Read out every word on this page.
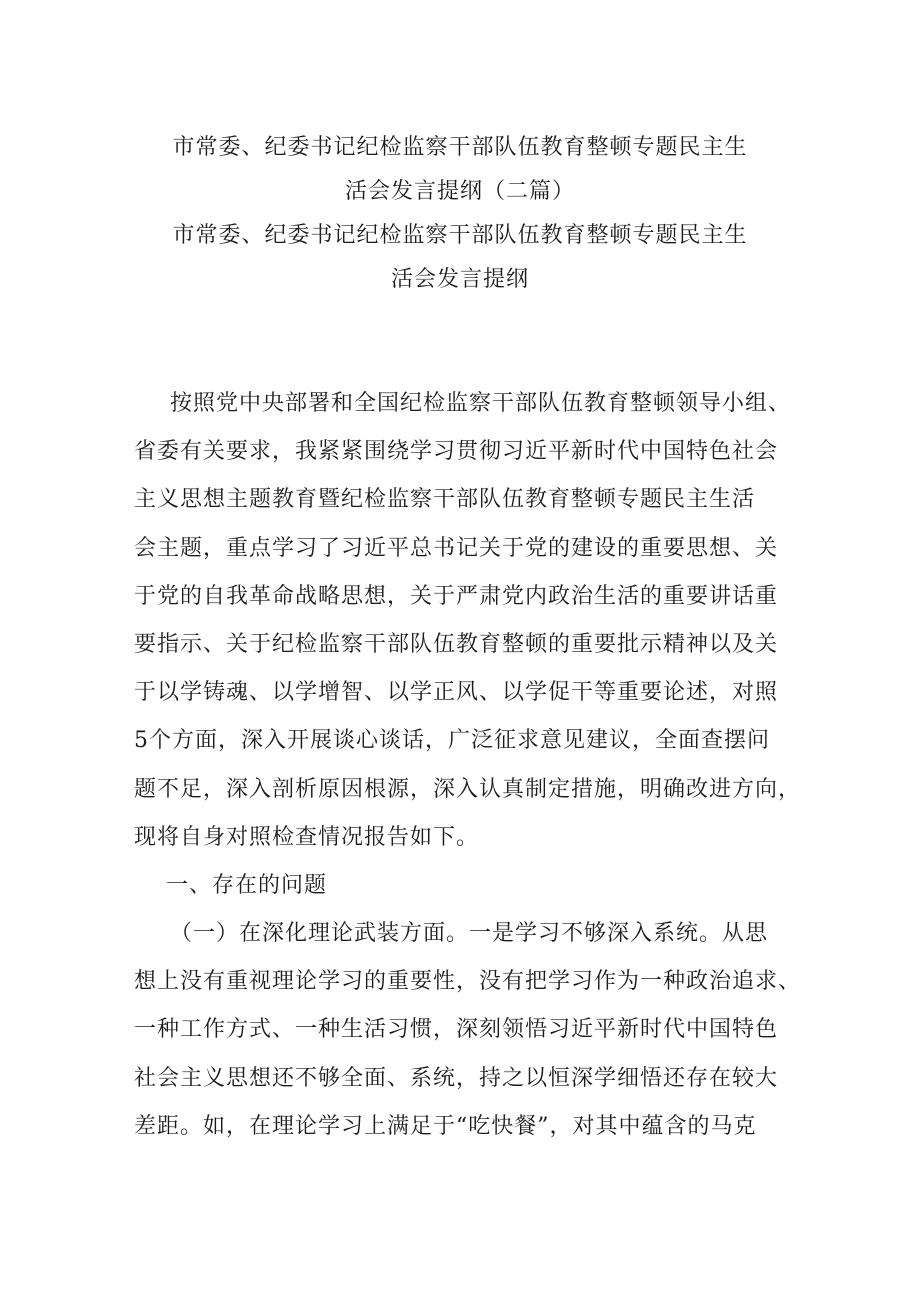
市常委、纪委书记纪检监察干部队伍教育整顿专题民主生
活会发言提纲（二篇）
市常委、纪委书记纪检监察干部队伍教育整顿专题民主生
活会发言提纲
按照党中央部署和全国纪检监察干部队伍教育整顿领导小组、
省委有关要求，我紧紧围绕学习贯彻习近平新时代中国特色社会
主义思想主题教育暨纪检监察干部队伍教育整顿专题民主生活
会主题，重点学习了习近平总书记关于党的建设的重要思想、关
于党的自我革命战略思想，关于严肃党内政治生活的重要讲话重
要指示、关于纪检监察干部队伍教育整顿的重要批示精神以及关
于以学铸魂、以学增智、以学正风、以学促干等重要论述，对照
5个方面，深入开展谈心谈话，广泛征求意见建议，全面查摆问
题不足，深入剖析原因根源，深入认真制定措施，明确改进方向，
现将自身对照检查情况报告如下。
一、存在的问题
（一）在深化理论武装方面。一是学习不够深入系统。从思
想上没有重视理论学习的重要性，没有把学习作为一种政治追求、
一种工作方式、一种生活习惯，深刻领悟习近平新时代中国特色
社会主义思想还不够全面、系统，持之以恒深学细悟还存在较大
差距。如，在理论学习上满足于“吃快餐”，对其中蕴含的马克
